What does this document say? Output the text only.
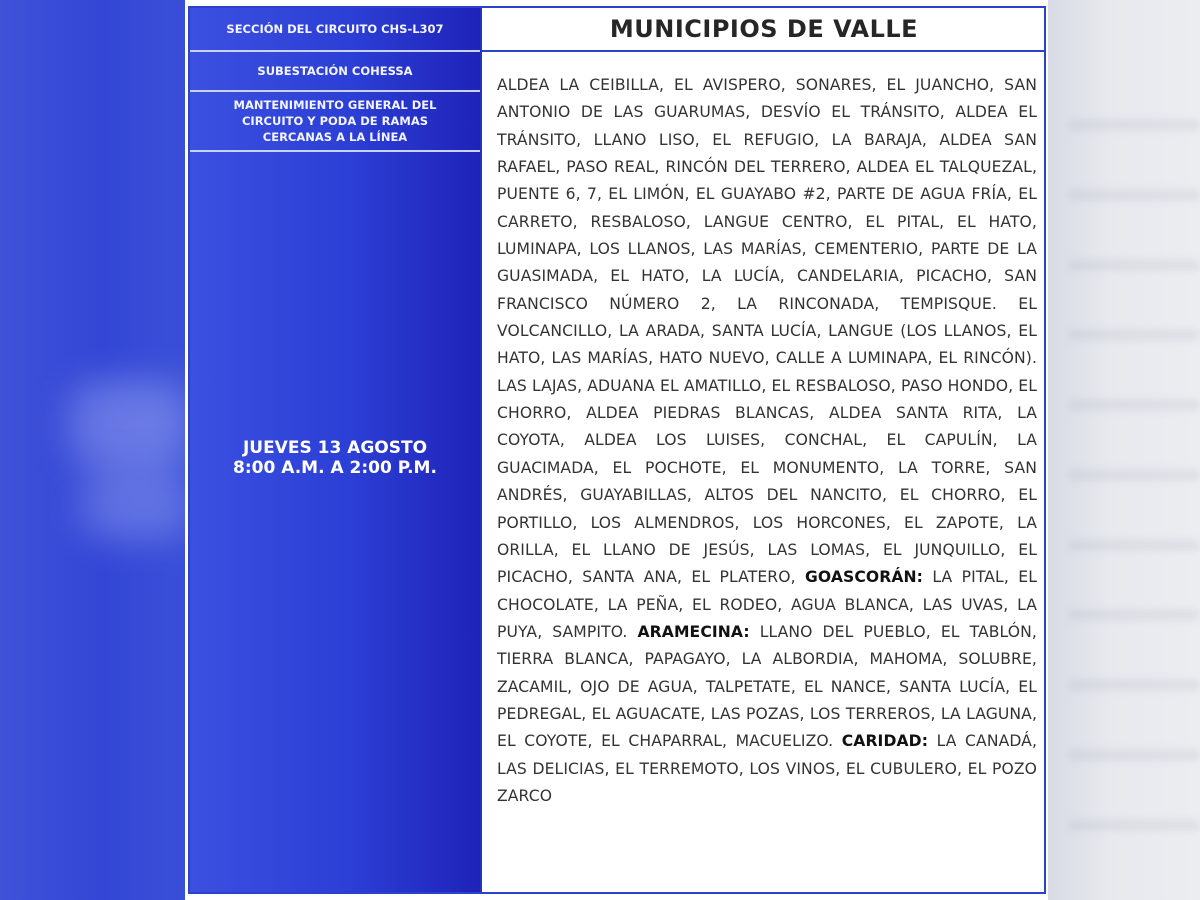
SECCIÓN DEL CIRCUITO CHS-L307
SUBESTACIÓN COHESSA
MANTENIMIENTO GENERAL DEL CIRCUITO Y PODA DE RAMAS CERCANAS A LA LÍNEA
JUEVES 13 AGOSTO
8:00 A.M. A 2:00 P.M.
MUNICIPIOS DE VALLE
ALDEA LA CEIBILLA, EL AVISPERO, SONARES, EL JUANCHO, SAN ANTONIO DE LAS GUARUMAS, DESVÍO EL TRÁNSITO, ALDEA EL TRÁNSITO, LLANO LISO, EL REFUGIO, LA BARAJA, ALDEA SAN RAFAEL, PASO REAL, RINCÓN DEL TERRERO, ALDEA EL TALQUEZAL, PUENTE 6, 7, EL LIMÓN, EL GUAYABO #2, PARTE DE AGUA FRÍA, EL CARRETO, RESBALOSO, LANGUE CENTRO, EL PITAL, EL HATO, LUMINAPA, LOS LLANOS, LAS MARÍAS, CEMENTERIO, PARTE DE LA GUASIMADA, EL HATO, LA LUCÍA, CANDELARIA, PICACHO, SAN FRANCISCO NÚMERO 2, LA RINCONADA, TEMPISQUE. EL VOLCANCILLO, LA ARADA, SANTA LUCÍA, LANGUE (LOS LLANOS, EL HATO, LAS MARÍAS, HATO NUEVO, CALLE A LUMINAPA, EL RINCÓN). LAS LAJAS, ADUANA EL AMATILLO, EL RESBALOSO, PASO HONDO, EL CHORRO, ALDEA PIEDRAS BLANCAS, ALDEA SANTA RITA, LA COYOTA, ALDEA LOS LUISES, CONCHAL, EL CAPULÍN, LA GUACIMADA, EL POCHOTE, EL MONUMENTO, LA TORRE, SAN ANDRÉS, GUAYABILLAS, ALTOS DEL NANCITO, EL CHORRO, EL PORTILLO, LOS ALMENDROS, LOS HORCONES, EL ZAPOTE, LA ORILLA, EL LLANO DE JESÚS, LAS LOMAS, EL JUNQUILLO, EL PICACHO, SANTA ANA, EL PLATERO, GOASCORÁN: LA PITAL, EL CHOCOLATE, LA PEÑA, EL RODEO, AGUA BLANCA, LAS UVAS, LA PUYA, SAMPITO. ARAMECINA: LLANO DEL PUEBLO, EL TABLÓN, TIERRA BLANCA, PAPAGAYO, LA ALBORDIA, MAHOMA, SOLUBRE, ZACAMIL, OJO DE AGUA, TALPETATE, EL NANCE, SANTA LUCÍA, EL PEDREGAL, EL AGUACATE, LAS POZAS, LOS TERREROS, LA LAGUNA, EL COYOTE, EL CHAPARRAL, MACUELIZO. CARIDAD: LA CANADÁ, LAS DELICIAS, EL TERREMOTO, LOS VINOS, EL CUBULERO, EL POZO ZARCO
